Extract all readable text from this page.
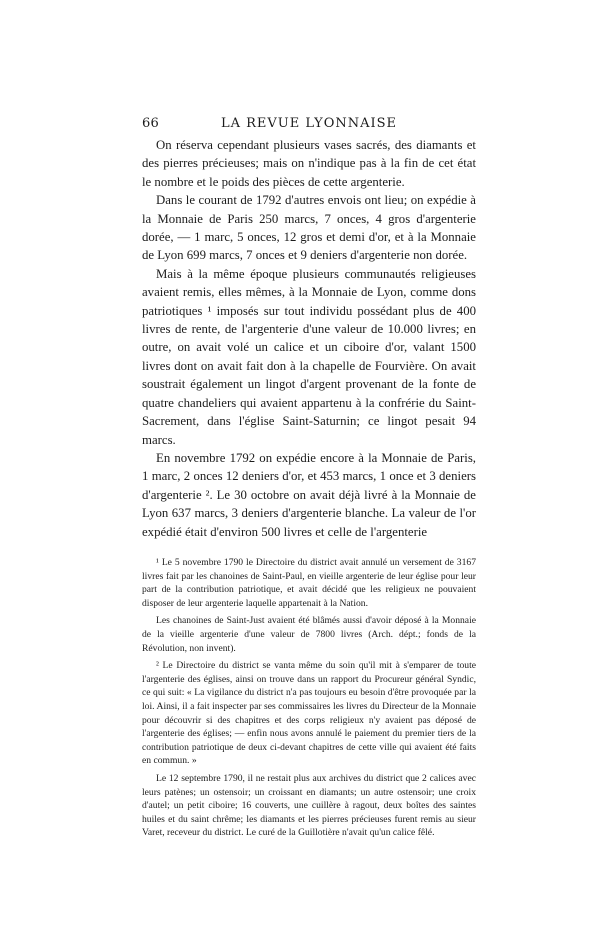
66	LA REVUE LYONNAISE

On réserva cependant plusieurs vases sacrés, des diamants et des pierres précieuses; mais on n'indique pas à la fin de cet état le nombre et le poids des pièces de cette argenterie.

Dans le courant de 1792 d'autres envois ont lieu; on expédie à la Monnaie de Paris 250 marcs, 7 onces, 4 gros d'argenterie dorée, — 1 marc, 5 onces, 12 gros et demi d'or, et à la Monnaie de Lyon 699 marcs, 7 onces et 9 deniers d'argenterie non dorée.

Mais à la même époque plusieurs communautés religieuses avaient remis, elles mêmes, à la Monnaie de Lyon, comme dons patriotiques ¹ imposés sur tout individu possédant plus de 400 livres de rente, de l'argenterie d'une valeur de 10.000 livres; en outre, on avait volé un calice et un ciboire d'or, valant 1500 livres dont on avait fait don à la chapelle de Fourvière. On avait soustrait également un lingot d'argent provenant de la fonte de quatre chandeliers qui avaient appartenu à la confrérie du Saint-Sacrement, dans l'église Saint-Saturnin; ce lingot pesait 94 marcs.

En novembre 1792 on expédie encore à la Monnaie de Paris, 1 marc, 2 onces 12 deniers d'or, et 453 marcs, 1 once et 3 deniers d'argenterie ². Le 30 octobre on avait déjà livré à la Monnaie de Lyon 637 marcs, 3 deniers d'argenterie blanche. La valeur de l'or expédié était d'environ 500 livres et celle de l'argenterie

¹ Le 5 novembre 1790 le Directoire du district avait annulé un versement de 3167 livres fait par les chanoines de Saint-Paul, en vieille argenterie de leur église pour leur part de la contribution patriotique, et avait décidé que les religieux ne pouvaient disposer de leur argenterie laquelle appartenait à la Nation.

Les chanoines de Saint-Just avaient été blâmés aussi d'avoir déposé à la Monnaie de la vieille argenterie d'une valeur de 7800 livres (Arch. dépt.; fonds de la Révolution, non invent).

² Le Directoire du district se vanta même du soin qu'il mit à s'emparer de toute l'argenterie des églises, ainsi on trouve dans un rapport du Procureur général Syndic, ce qui suit: « La vigilance du district n'a pas toujours eu besoin d'être provoquée par la loi. Ainsi, il a fait inspecter par ses commissaires les livres du Directeur de la Monnaie pour découvrir si des chapitres et des corps religieux n'y avaient pas déposé de l'argenterie des églises; — enfin nous avons annulé le paiement du premier tiers de la contribution patriotique de deux ci-devant chapitres de cette ville qui avaient été faits en commun. »

Le 12 septembre 1790, il ne restait plus aux archives du district que 2 calices avec leurs patènes; un ostensoir; un croissant en diamants; un autre ostensoir; une croix d'autel; un petit ciboire; 16 couverts, une cuillère à ragout, deux boîtes des saintes huiles et du saint chrême; les diamants et les pierres précieuses furent remis au sieur Varet, receveur du district. Le curé de la Guillotière n'avait qu'un calice fêlé.
